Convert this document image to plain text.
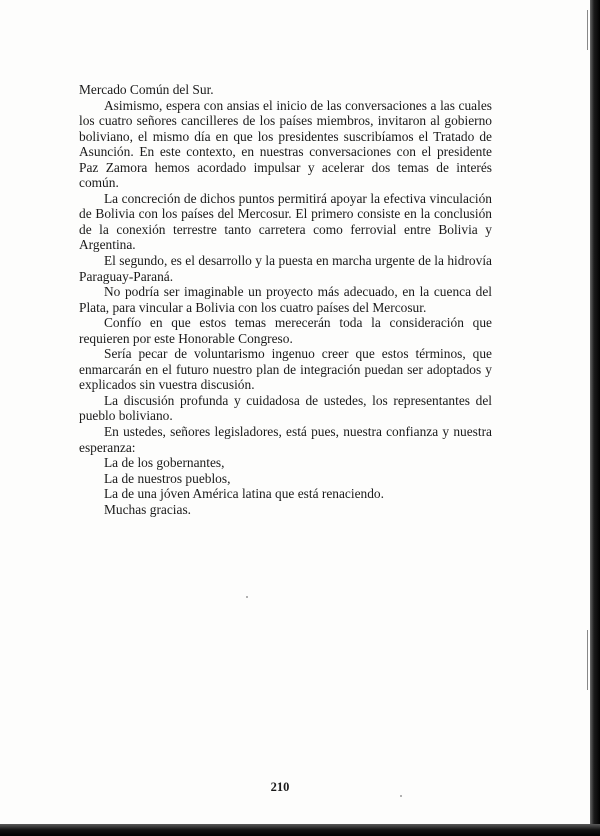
Mercado Común del Sur.

Asimismo, espera con ansias el inicio de las conversaciones a las cuales los cuatro señores cancilleres de los países miembros, invitaron al gobierno boliviano, el mismo día en que los presidentes suscribíamos el Tratado de Asunción. En este contexto, en nuestras conversaciones con el presidente Paz Zamora hemos acordado impulsar y acelerar dos temas de interés común.

La concreción de dichos puntos permitirá apoyar la efectiva vinculación de Bolivia con los países del Mercosur. El primero consiste en la conclusión de la conexión terrestre tanto carretera como ferrovial entre Bolivia y Argentina.

El segundo, es el desarrollo y la puesta en marcha urgente de la hidrovía Paraguay-Paraná.

No podría ser imaginable un proyecto más adecuado, en la cuenca del Plata, para vincular a Bolivia con los cuatro países del Mercosur.

Confío en que estos temas merecerán toda la consideración que requieren por este Honorable Congreso.

Sería pecar de voluntarismo ingenuo creer que estos términos, que enmarcarán en el futuro nuestro plan de integración puedan ser adoptados y explicados sin vuestra discusión.

La discusión profunda y cuidadosa de ustedes, los representantes del pueblo boliviano.

En ustedes, señores legisladores, está pues, nuestra confianza y nuestra esperanza:

La de los gobernantes,

La de nuestros pueblos,

La de una jóven América latina que está renaciendo.

Muchas gracias.

210
